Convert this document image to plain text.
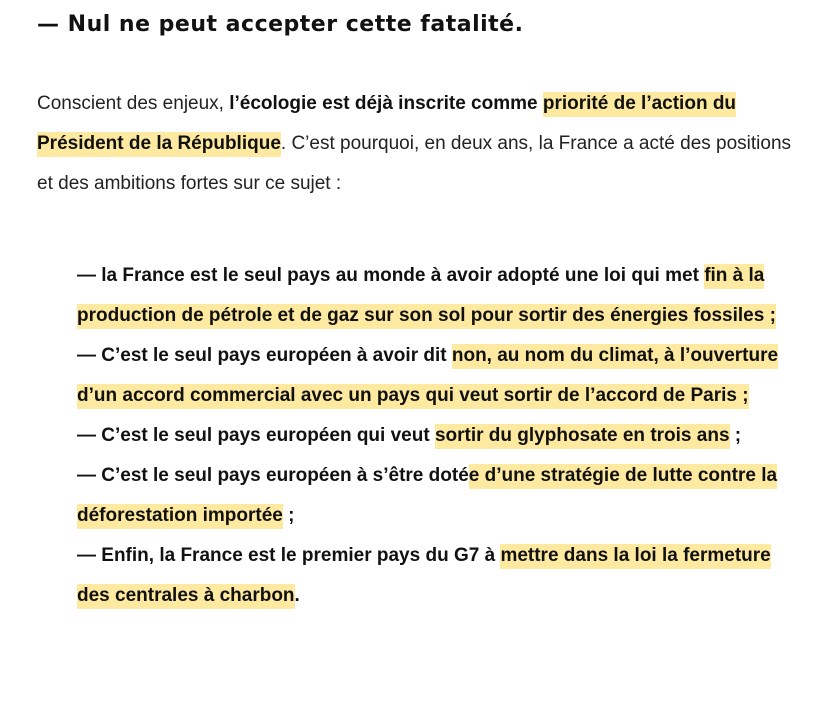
— Nul ne peut accepter cette fatalité.

Conscient des enjeux, l’écologie est déjà inscrite comme priorité de l’action du Président de la République. C’est pourquoi, en deux ans, la France a acté des positions et des ambitions fortes sur ce sujet :

— la France est le seul pays au monde à avoir adopté une loi qui met fin à la production de pétrole et de gaz sur son sol pour sortir des énergies fossiles ;

— C’est le seul pays européen à avoir dit non, au nom du climat, à l’ouverture d’un accord commercial avec un pays qui veut sortir de l’accord de Paris ;

— C’est le seul pays européen qui veut sortir du glyphosate en trois ans ;

— C’est le seul pays européen à s’être dotée d’une stratégie de lutte contre la déforestation importée ;

— Enfin, la France est le premier pays du G7 à mettre dans la loi la fermeture des centrales à charbon.
